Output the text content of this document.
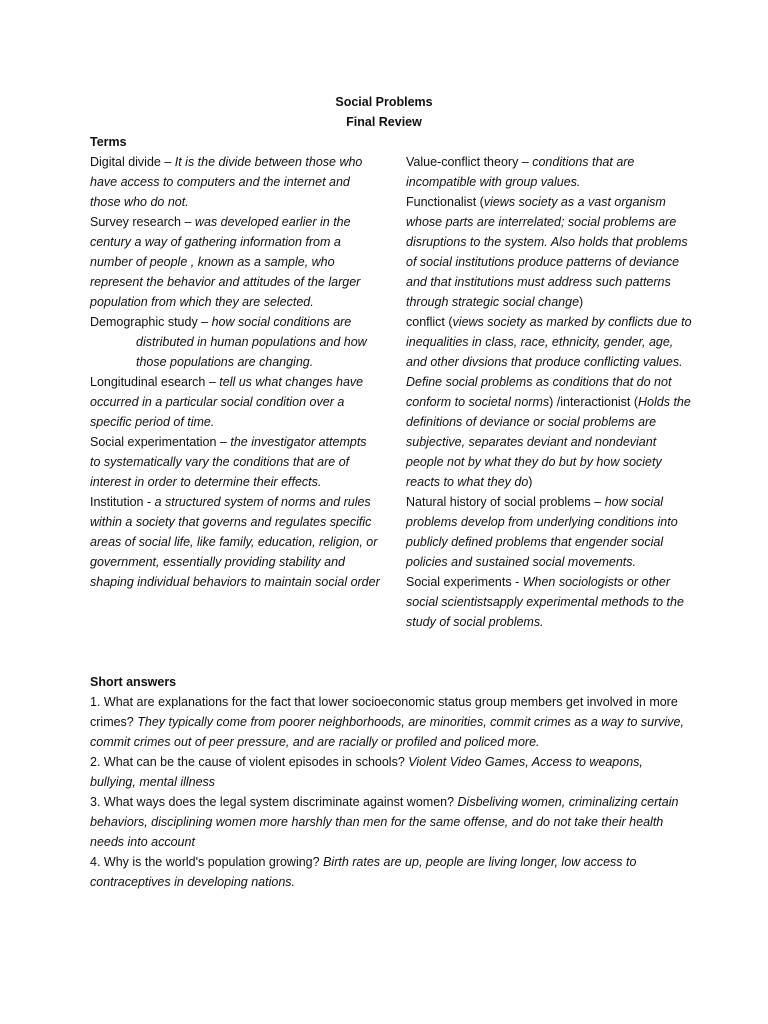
Social Problems
Final Review
Terms

Digital divide – It is the divide between those who have access to computers and the internet and those who do not.

Survey research – was developed earlier in the century a way of gathering information from a number of people , known as a sample, who represent the behavior and attitudes of the larger population from which they are selected.

Demographic study – how social conditions are
distributed in human populations and how those populations are changing.

Longitudinal esearch – tell us what changes have occurred in a particular social condition over a specific period of time.

Social experimentation – the investigator attempts to systematically vary the conditions that are of interest in order to determine their effects.

Institution - a structured system of norms and rules within a society that governs and regulates specific areas of social life, like family, education, religion, or government, essentially providing stability and shaping individual behaviors to maintain social order

Value-conflict theory – conditions that are incompatible with group values.

Functionalist (views society as a vast organism whose parts are interrelated; social problems are disruptions to the system. Also holds that problems of social institutions produce patterns of deviance and that institutions must address such patterns through strategic social change)

conflict (views society as marked by conflicts due to inequalities in class, race, ethnicity, gender, age, and other divsions that produce conflicting values. Define social problems as conditions that do not conform to societal norms) /interactionist (Holds the definitions of deviance or social problems are subjective, separates deviant and nondeviant people not by what they do but by how society reacts to what they do)

Natural history of social problems – how social problems develop from underlying conditions into publicly defined problems that engender social policies and sustained social movements.

Social experiments - When sociologists or other social scientistsapply experimental methods to the study of social problems.

Short answers

1. What are explanations for the fact that lower socioeconomic status group members get involved in more crimes? They typically come from poorer neighborhoods, are minorities, commit crimes as a way to survive, commit crimes out of peer pressure, and are racially or profiled and policed more.

2. What can be the cause of violent episodes in schools? Violent Video Games, Access to weapons, bullying, mental illness

3. What ways does the legal system discriminate against women? Disbeliving women, criminalizing certain behaviors, disciplining women more harshly than men for the same offense, and do not take their health needs into account

4. Why is the world's population growing? Birth rates are up, people are living longer, low access to contraceptives in developing nations.
